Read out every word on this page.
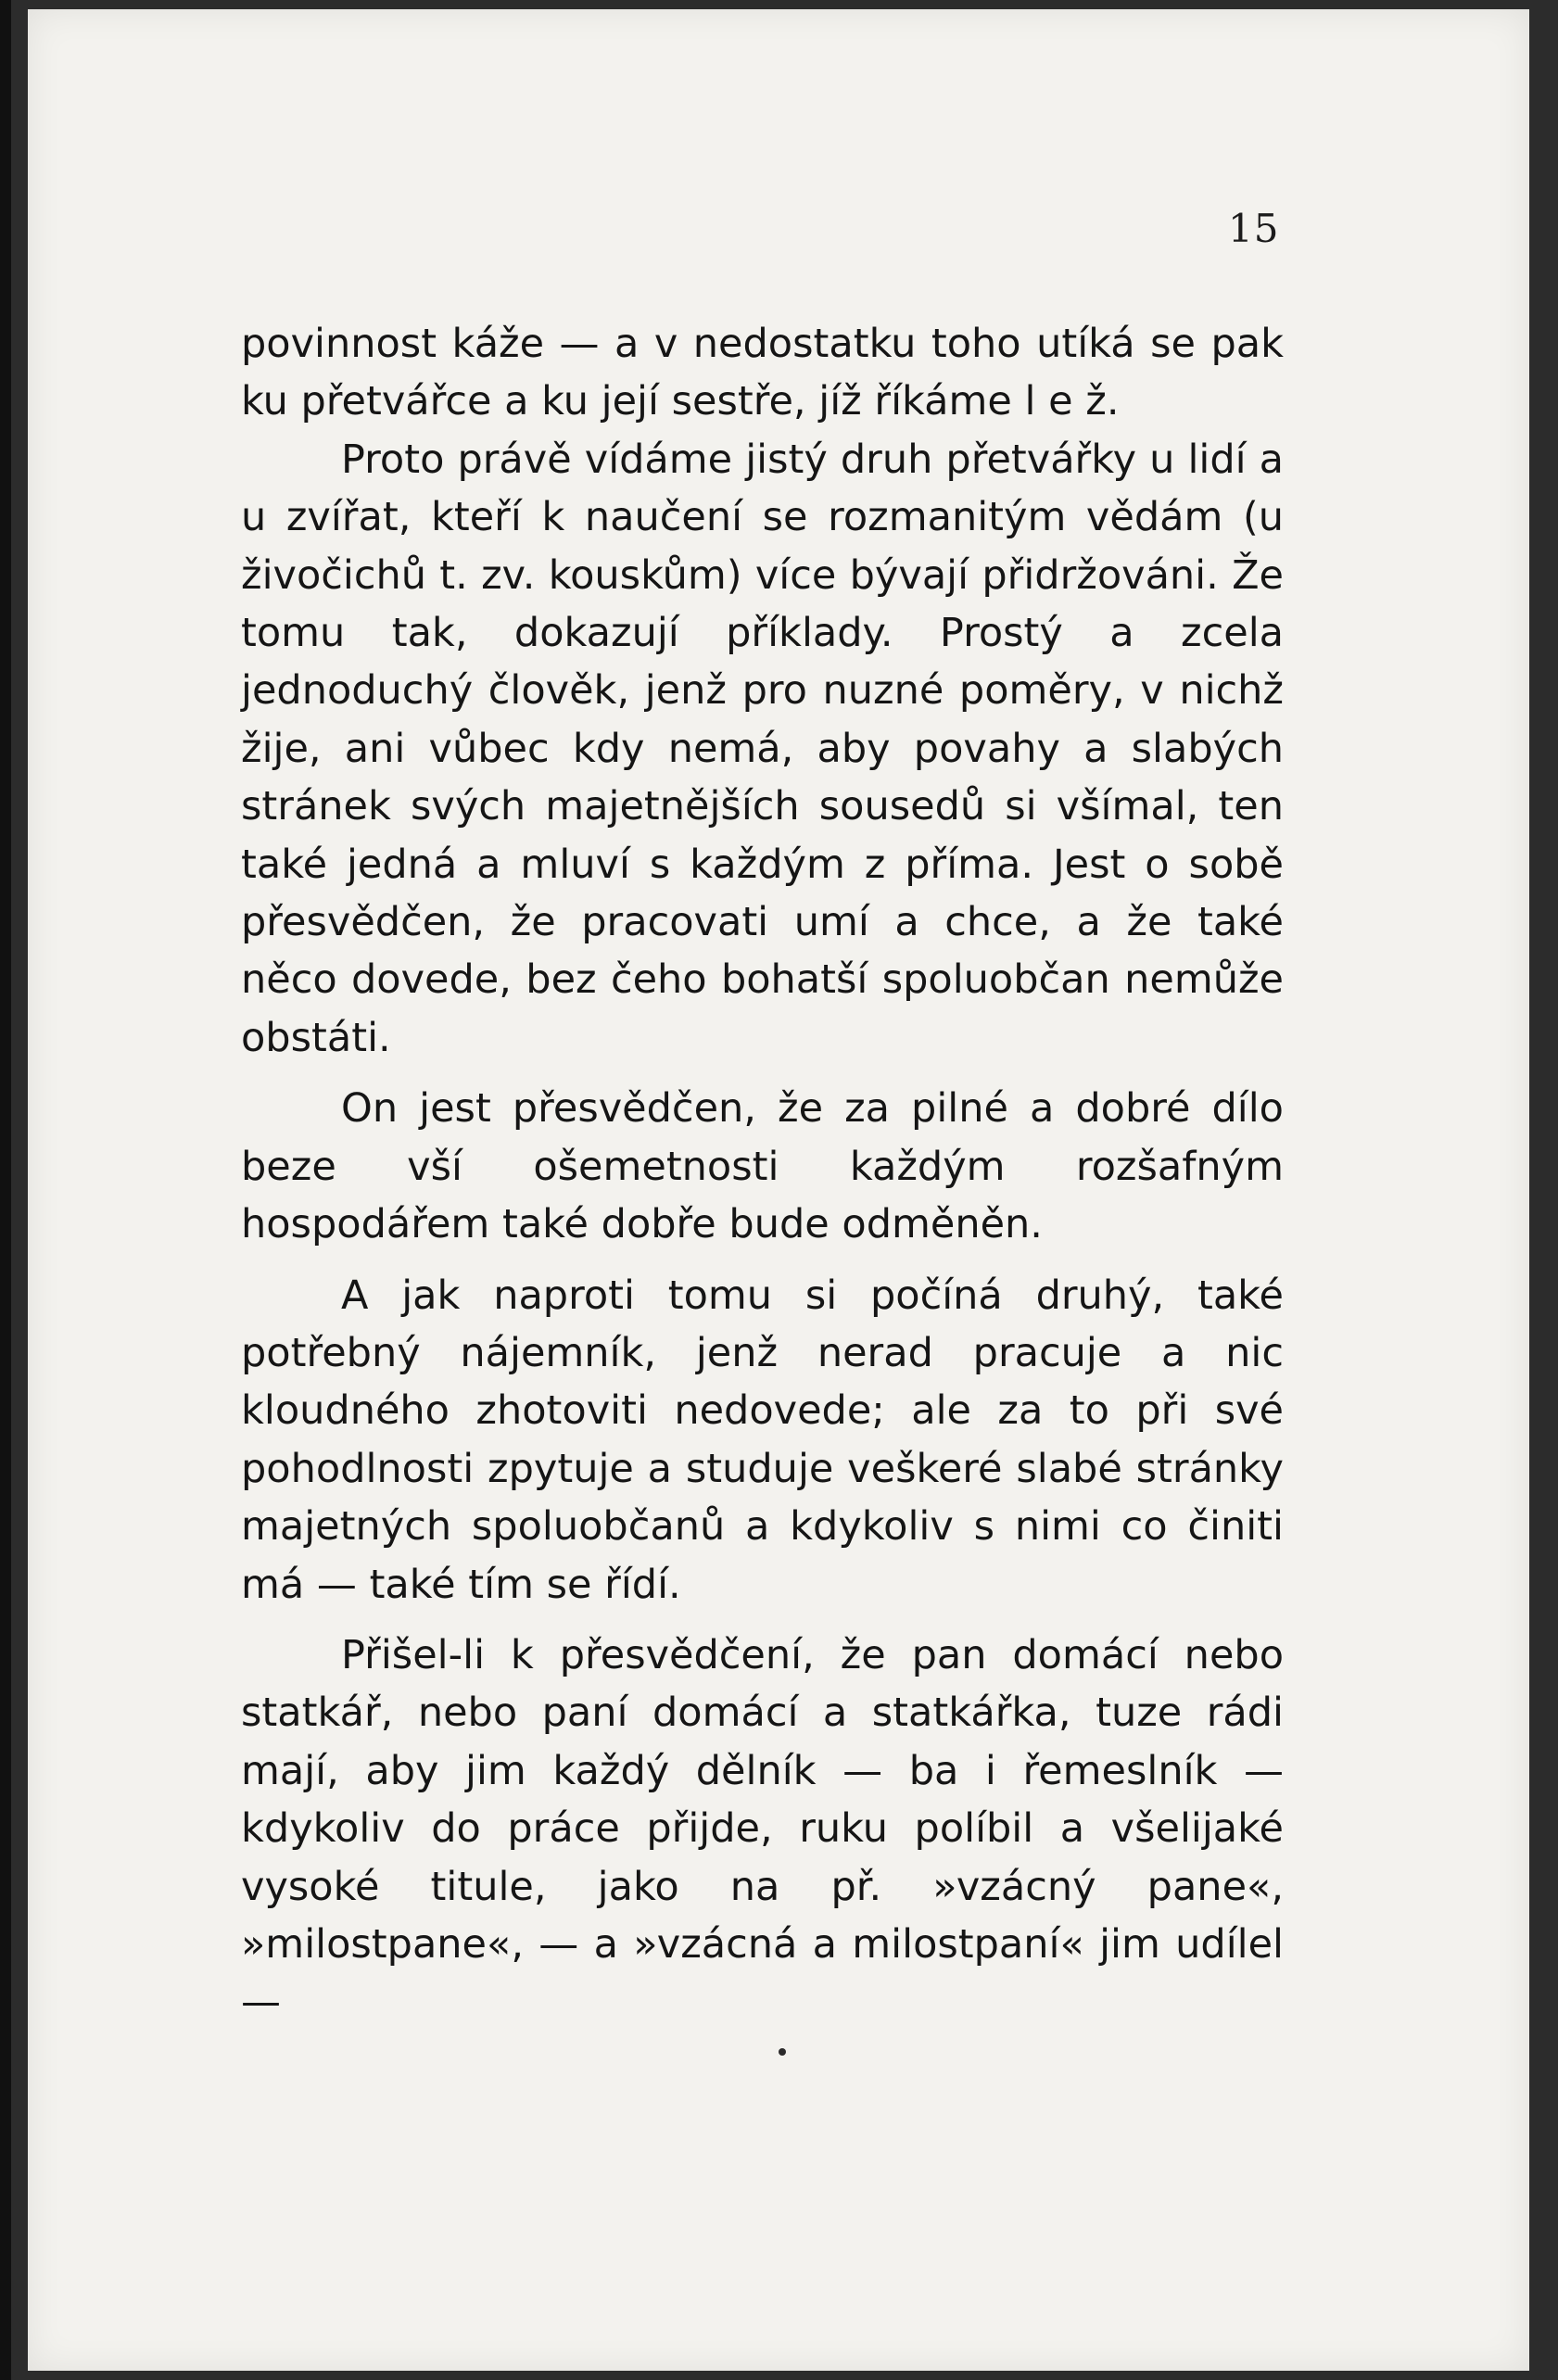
15

povinnost káže — a v nedostatku toho utíká se pak ku přetvářce a ku její sestře, jíž říkáme l e ž.

Proto právě vídáme jistý druh přetvářky u lidí a u zvířat, kteří k naučení se rozmanitým vědám (u živočichů t. zv. kouskům) více bývají přidržováni. Že tomu tak, dokazují příklady. Prostý a zcela jednoduchý člověk, jenž pro nuzné poměry, v nichž žije, ani vůbec kdy nemá, aby povahy a slabých stránek svých majetnějších sousedů si všímal, ten také jedná a mluví s každým z příma. Jest o sobě přesvědčen, že pracovati umí a chce, a že také něco dovede, bez čeho bohatší spoluobčan nemůže obstáti.

On jest přesvědčen, že za pilné a dobré dílo beze vší ošemetnosti každým rozšafným hospodářem také dobře bude odměněn.

A jak naproti tomu si počíná druhý, také potřebný nájemník, jenž nerad pracuje a nic kloudného zhotoviti nedovede; ale za to při své pohodlnosti zpytuje a studuje veškeré slabé stránky majetných spoluobčanů a kdykoliv s nimi co činiti má — také tím se řídí.

Přišel-li k přesvědčení, že pan domácí nebo statkář, nebo paní domácí a statkářka, tuze rádi mají, aby jim každý dělník — ba i řemeslník — kdykoliv do práce přijde, ruku políbil a všelijaké vysoké titule, jako na př. »vzácný pane«, »milostpane«, — a »vzácná a milostpaní« jim udílel —
